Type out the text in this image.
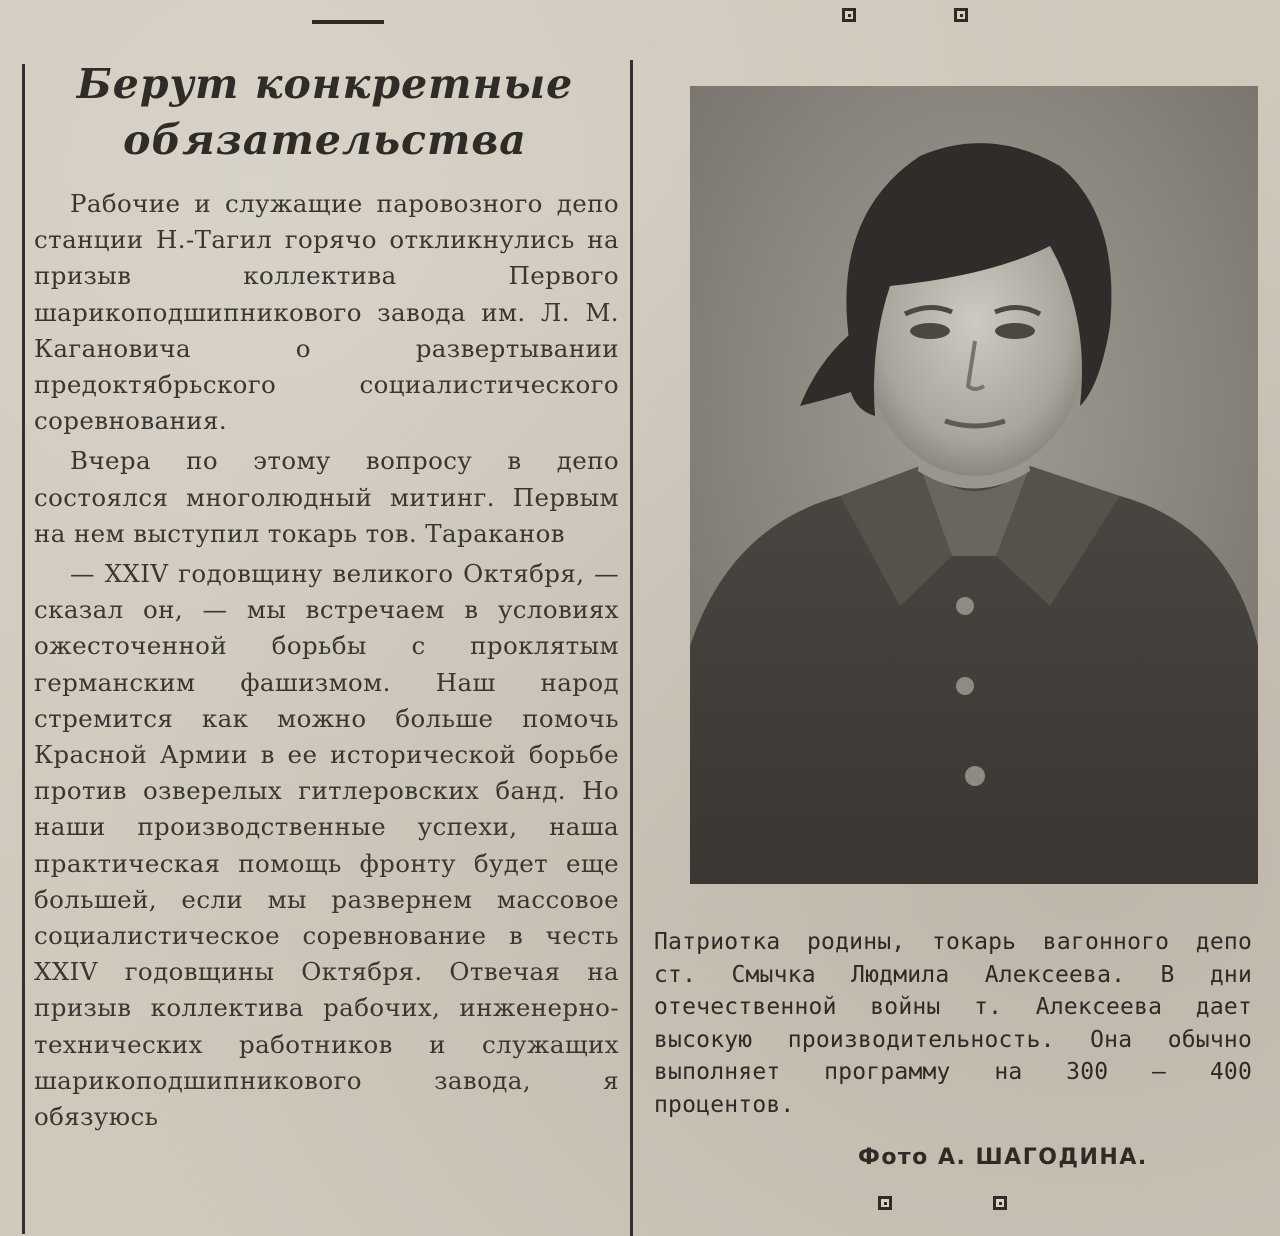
Берут конкретные
обязательства

Рабочие и служащие паровозного депо станции Н.-Тагил горячо откликнулись на призыв коллектива Первого шарикоподшипникового завода им. Л. М. Кагановича о развертывании предоктябрьского социалистического соревнования.

Вчера по этому вопросу в депо состоялся многолюдный митинг. Первым на нем выступил токарь тов. Тараканов

— XXIV годовщину великого Октября, — сказал он, — мы встречаем в условиях ожесточенной борьбы с проклятым германским фашизмом. Наш народ стремится как можно больше помочь Красной Армии в ее исторической борьбе против озверелых гитлеровских банд. Но наши производственные успехи, наша практическая помощь фронту будет еще большей, если мы развернем массовое социалистическое соревнование в честь XXIV годовщины Октября. Отвечая на призыв коллектива рабочих, инженерно-технических работников и служащих шарикоподшипникового завода, я обязуюсь

Патриотка родины, токарь вагонного депо ст. Смычка Людмила Алексеева. В дни отечественной войны т. Алексеева дает высокую производительность. Она обычно выполняет программу на 300 — 400 процентов.

Фото А. ШАГОДИНА.
